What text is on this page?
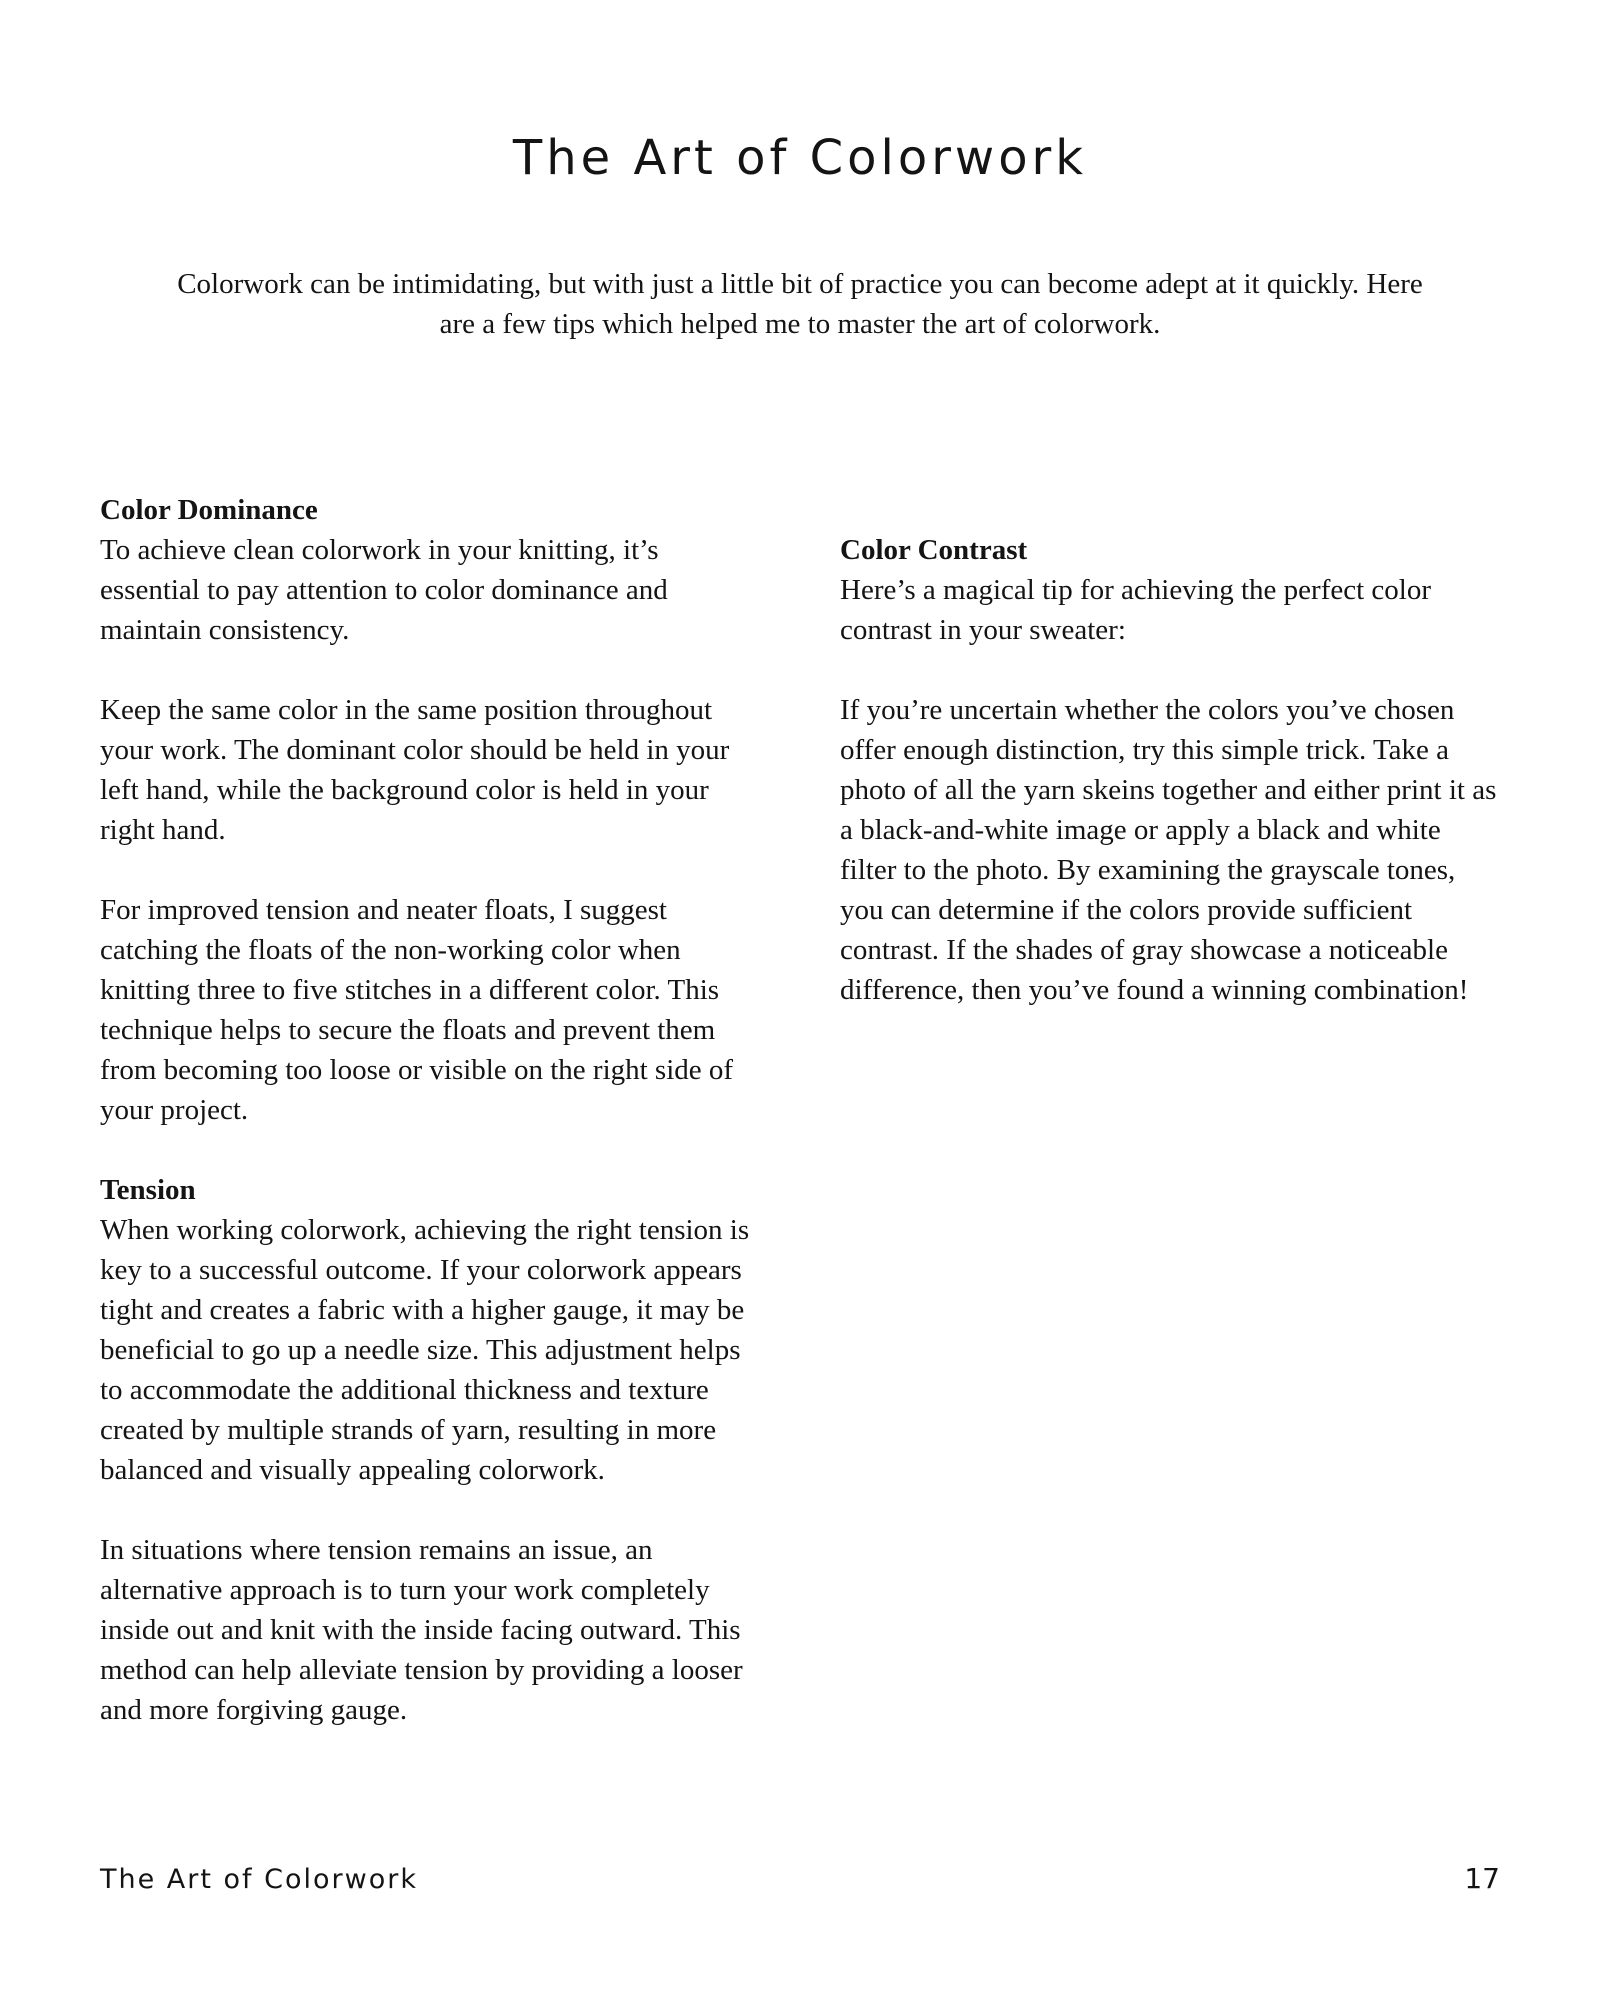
The Art of Colorwork

Colorwork can be intimidating, but with just a little bit of practice you can become adept at it quickly. Here are a few tips which helped me to master the art of colorwork.

Color Dominance

To achieve clean colorwork in your knitting, it’s essential to pay attention to color dominance and maintain consistency.

Keep the same color in the same position throughout your work. The dominant color should be held in your left hand, while the background color is held in your right hand.

For improved tension and neater floats, I suggest catching the floats of the non-working color when knitting three to five stitches in a different color. This technique helps to secure the floats and prevent them from becoming too loose or visible on the right side of your project.

Tension

When working colorwork, achieving the right tension is key to a successful outcome. If your colorwork appears tight and creates a fabric with a higher gauge, it may be beneficial to go up a needle size. This adjustment helps to accommodate the additional thickness and texture created by multiple strands of yarn, resulting in more balanced and visually appealing colorwork.

In situations where tension remains an issue, an alternative approach is to turn your work completely inside out and knit with the inside facing outward. This method can help alleviate tension by providing a looser and more forgiving gauge.

Color Contrast

Here’s a magical tip for achieving the perfect color contrast in your sweater:

If you’re uncertain whether the colors you’ve chosen offer enough distinction, try this simple trick. Take a photo of all the yarn skeins together and either print it as a black-and-white image or apply a black and white filter to the photo. By examining the grayscale tones, you can determine if the colors provide sufficient contrast. If the shades of gray showcase a noticeable difference, then you’ve found a winning combination!

The Art of Colorwork	17
